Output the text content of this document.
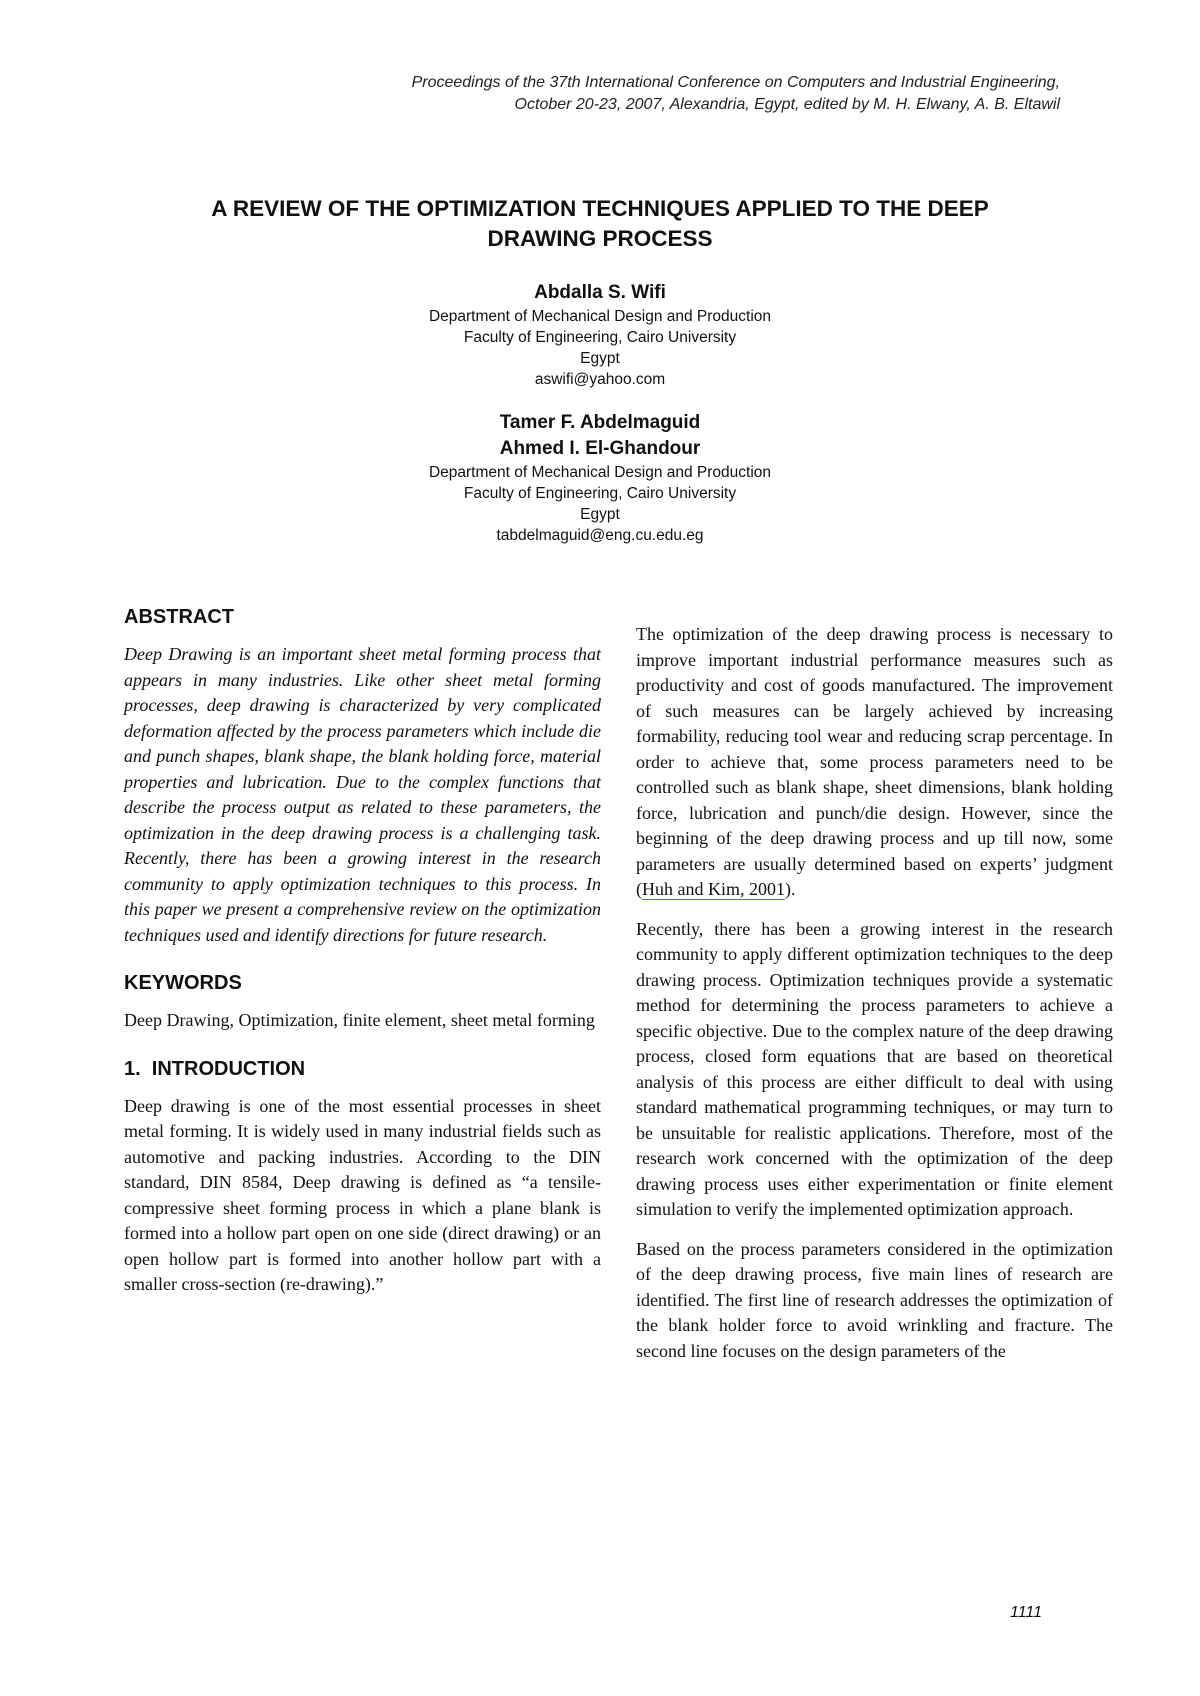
Proceedings of the 37th International Conference on Computers and Industrial Engineering,
October 20-23, 2007, Alexandria, Egypt, edited by M. H. Elwany, A. B. Eltawil
A REVIEW OF THE OPTIMIZATION TECHNIQUES APPLIED TO THE DEEP
DRAWING PROCESS
Abdalla S. Wifi
Department of Mechanical Design and Production
Faculty of Engineering, Cairo University
Egypt
aswifi@yahoo.com
Tamer F. Abdelmaguid
Ahmed I. El-Ghandour
Department of Mechanical Design and Production
Faculty of Engineering, Cairo University
Egypt
tabdelmaguid@eng.cu.edu.eg
ABSTRACT

Deep Drawing is an important sheet metal forming process that appears in many industries. Like other sheet metal forming processes, deep drawing is characterized by very complicated deformation affected by the process parameters which include die and punch shapes, blank shape, the blank holding force, material properties and lubrication. Due to the complex functions that describe the process output as related to these parameters, the optimization in the deep drawing process is a challenging task. Recently, there has been a growing interest in the research community to apply optimization techniques to this process. In this paper we present a comprehensive review on the optimization techniques used and identify directions for future research.

KEYWORDS

Deep Drawing, Optimization, finite element, sheet metal forming

1.  INTRODUCTION

Deep drawing is one of the most essential processes in sheet metal forming. It is widely used in many industrial fields such as automotive and packing industries. According to the DIN standard, DIN 8584, Deep drawing is defined as “a tensile-compressive sheet forming process in which a plane blank is formed into a hollow part open on one side (direct drawing) or an open hollow part is formed into another hollow part with a smaller cross-section (re-drawing).”

The optimization of the deep drawing process is necessary to improve important industrial performance measures such as productivity and cost of goods manufactured. The improvement of such measures can be largely achieved by increasing formability, reducing tool wear and reducing scrap percentage. In order to achieve that, some process parameters need to be controlled such as blank shape, sheet dimensions, blank holding force, lubrication and punch/die design. However, since the beginning of the deep drawing process and up till now, some parameters are usually determined based on experts’ judgment (Huh and Kim, 2001).

Recently, there has been a growing interest in the research community to apply different optimization techniques to the deep drawing process. Optimization techniques provide a systematic method for determining the process parameters to achieve a specific objective. Due to the complex nature of the deep drawing process, closed form equations that are based on theoretical analysis of this process are either difficult to deal with using standard mathematical programming techniques, or may turn to be unsuitable for realistic applications. Therefore, most of the research work concerned with the optimization of the deep drawing process uses either experimentation or finite element simulation to verify the implemented optimization approach.

Based on the process parameters considered in the optimization of the deep drawing process, five main lines of research are identified. The first line of research addresses the optimization of the blank holder force to avoid wrinkling and fracture. The second line focuses on the design parameters of the

1111
